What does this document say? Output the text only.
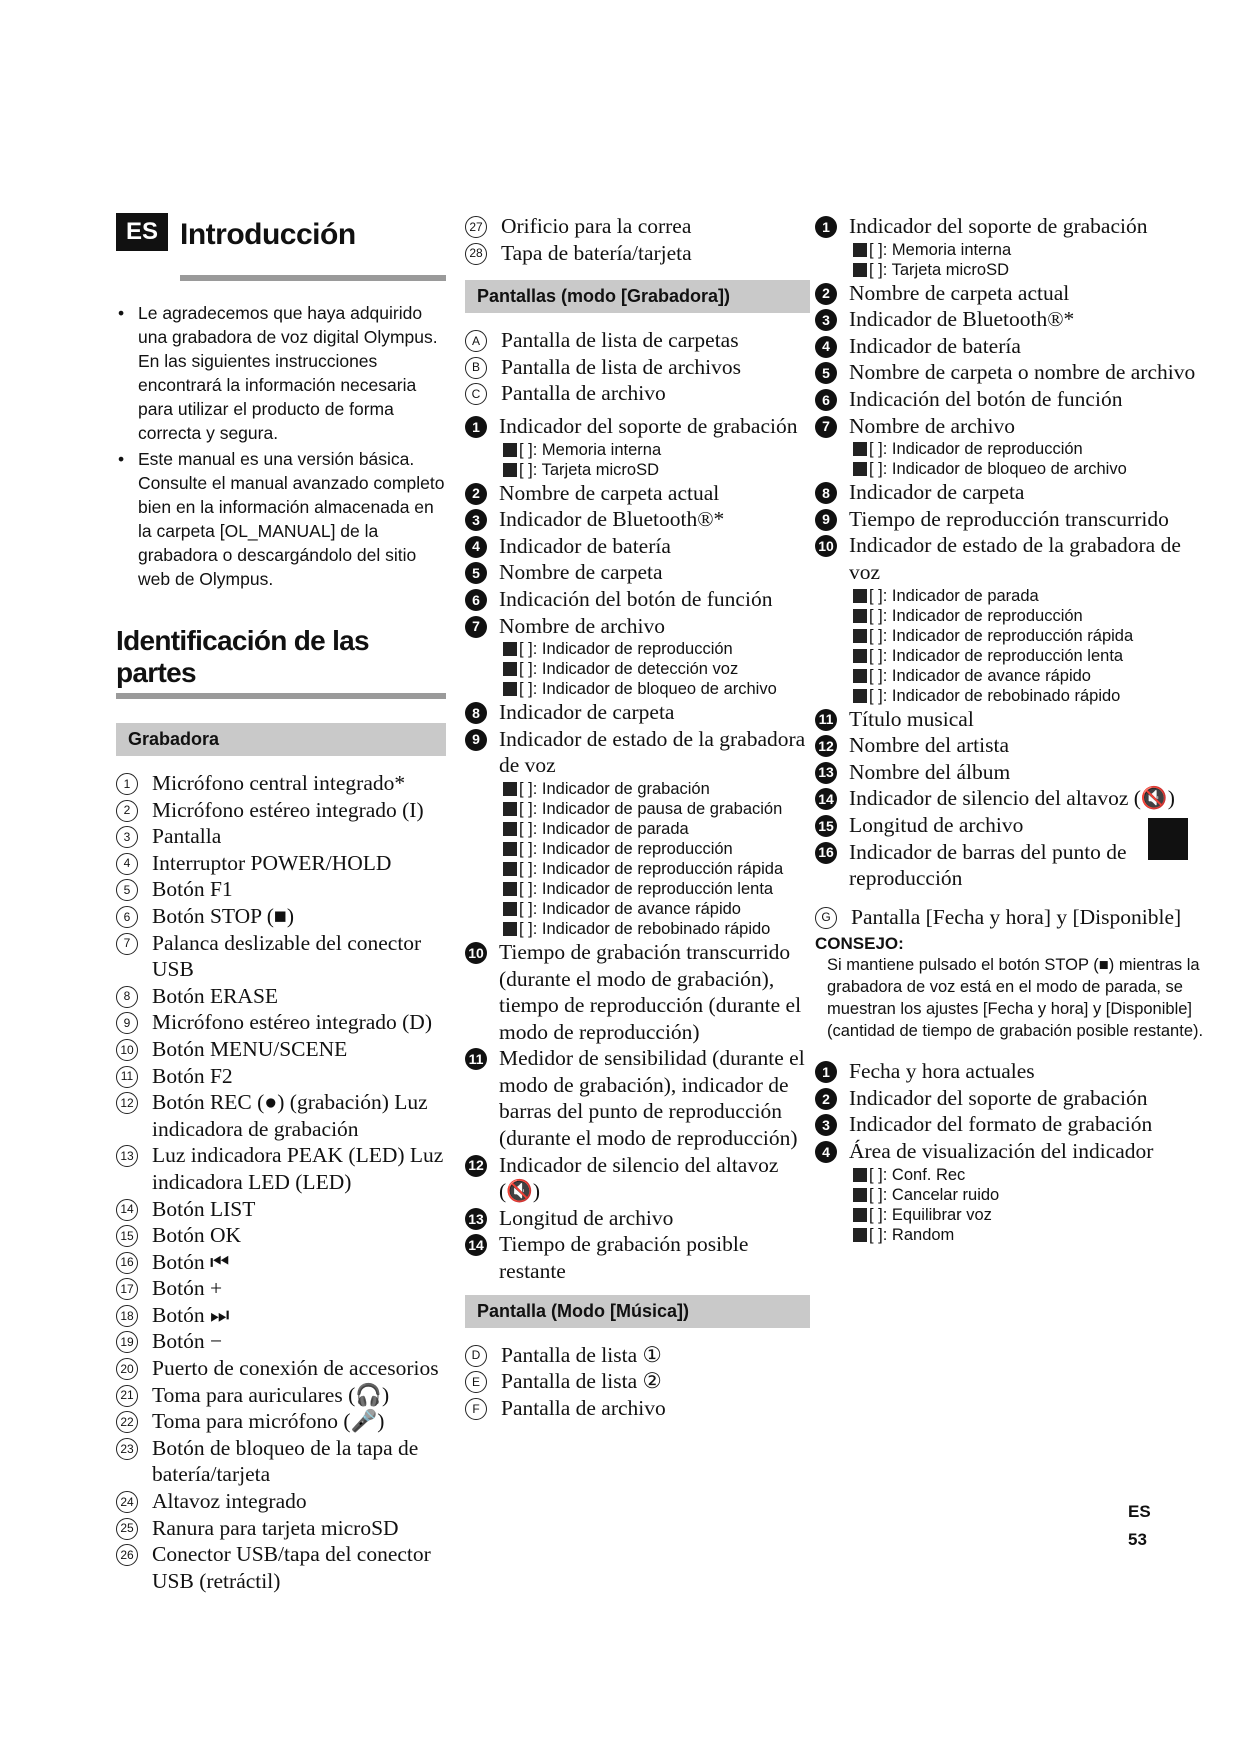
ES Introducción
• Le agradecemos que haya adquirido una grabadora de voz digital Olympus. En las siguientes instrucciones encontrará la información necesaria para utilizar el producto de forma correcta y segura.
• Este manual es una versión básica. Consulte el manual avanzado completo bien en la información almacenada en la carpeta [OL_MANUAL] de la grabadora o descargándolo del sitio web de Olympus.
Identificación de las partes
Grabadora
1	Micrófono central integrado*
2	Micrófono estéreo integrado (I)
3	Pantalla
4	Interruptor POWER/HOLD
5	Botón F1
6	Botón STOP (■)
7	Palanca deslizable del conector USB
8	Botón ERASE
9	Micrófono estéreo integrado (D)
10 Botón MENU/SCENE
11 Botón F2
12 Botón REC (●) (grabación) Luz indicadora de grabación
13 Luz indicadora PEAK (LED) Luz indicadora LED (LED)
14 Botón LIST
15 Botón OK
16 Botón ⏮
17 Botón +
18 Botón ⏭
19 Botón −
20 Puerto de conexión de accesorios
21 Toma para auriculares (🎧)
22 Toma para micrófono (🎤)
23 Botón de bloqueo de la tapa de batería/tarjeta
24 Altavoz integrado
25 Ranura para tarjeta microSD
26 Conector USB/tapa del conector USB (retráctil)
27 Orificio para la correa
28 Tapa de batería/tarjeta
Pantallas (modo [Grabadora])
A Pantalla de lista de carpetas
B Pantalla de lista de archivos
C Pantalla de archivo
1 Indicador del soporte de grabación
[ ]: Memoria interna
[ ]: Tarjeta microSD
2 Nombre de carpeta actual
3 Indicador de Bluetooth®*
4 Indicador de batería
5 Nombre de carpeta
6 Indicación del botón de función
7 Nombre de archivo
[ ]: Indicador de reproducción
[ ]: Indicador de detección voz
[ ]: Indicador de bloqueo de archivo
8 Indicador de carpeta
9 Indicador de estado de la grabadora de voz
[ ]: Indicador de grabación
[ ]: Indicador de pausa de grabación
[ ]: Indicador de parada
[ ]: Indicador de reproducción
[ ]: Indicador de reproducción rápida
[ ]: Indicador de reproducción lenta
[ ]: Indicador de avance rápido
[ ]: Indicador de rebobinado rápido
10 Tiempo de grabación transcurrido (durante el modo de grabación), tiempo de reproducción (durante el modo de reproducción)
11 Medidor de sensibilidad (durante el modo de grabación), indicador de barras del punto de reproducción (durante el modo de reproducción)
12 Indicador de silencio del altavoz (🔇)
13 Longitud de archivo
14 Tiempo de grabación posible restante
Pantalla (Modo [Música])
D Pantalla de lista ①
E Pantalla de lista ②
F Pantalla de archivo
1 Indicador del soporte de grabación
[ ]: Memoria interna
[ ]: Tarjeta microSD
2 Nombre de carpeta actual
3 Indicador de Bluetooth®*
4 Indicador de batería
5 Nombre de carpeta o nombre de archivo
6 Indicación del botón de función
7 Nombre de archivo
[ ]: Indicador de reproducción
[ ]: Indicador de bloqueo de archivo
8 Indicador de carpeta
9 Tiempo de reproducción transcurrido
10 Indicador de estado de la grabadora de voz
[ ]: Indicador de parada
[ ]: Indicador de reproducción
[ ]: Indicador de reproducción rápida
[ ]: Indicador de reproducción lenta
[ ]: Indicador de avance rápido
[ ]: Indicador de rebobinado rápido
11 Título musical
12 Nombre del artista
13 Nombre del álbum
14 Indicador de silencio del altavoz (🔇)
15 Longitud de archivo
16 Indicador de barras del punto de reproducción
G Pantalla [Fecha y hora] y [Disponible]
CONSEJO:
Si mantiene pulsado el botón STOP (■) mientras la grabadora de voz está en el modo de parada, se muestran los ajustes [Fecha y hora] y [Disponible] (cantidad de tiempo de grabación posible restante).
1 Fecha y hora actuales
2 Indicador del soporte de grabación
3 Indicador del formato de grabación
4 Área de visualización del indicador
[ ]: Conf. Rec
[ ]: Cancelar ruido
[ ]: Equilibrar voz
[ ]: Random
ES
53
